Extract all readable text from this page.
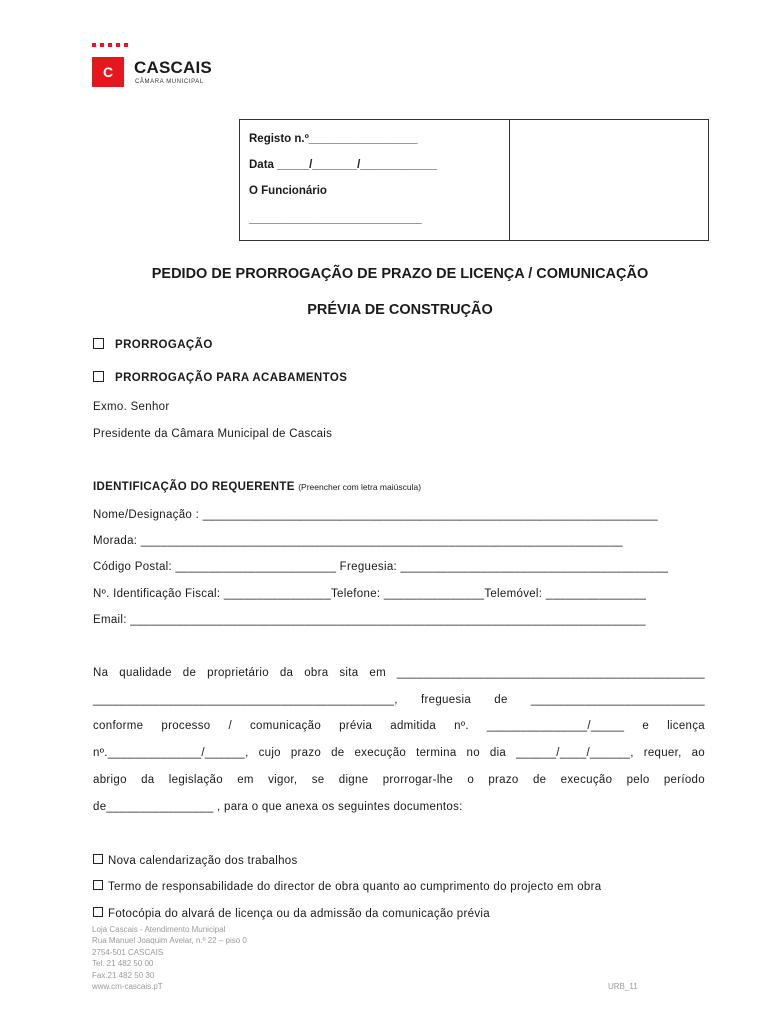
C	CASCAIS
CÂMARA MUNICIPAL
Registo n.º_________________
Data _____/_______/____________
O Funcionário
___________________________
PEDIDO DE PRORROGAÇÃO DE PRAZO DE LICENÇA / COMUNICAÇÃO
PRÉVIA DE CONSTRUÇÃO
PRORROGAÇÃO
PRORROGAÇÃO PARA ACABAMENTOS
Exmo. Senhor
Presidente da Câmara Municipal de Cascais
IDENTIFICAÇÃO DO REQUERENTE (Preencher com letra maiúscula)
Nome/Designação : ____________________________________________________________________
Morada: ________________________________________________________________________
Código Postal: ________________________ Freguesia: ________________________________________
Nº. Identificação Fiscal: ________________Telefone: _______________Telemóvel: _______________
Email: _____________________________________________________________________________
Na qualidade de proprietário da obra sita em ______________________________________________
_____________________________________________, freguesia de __________________________
conforme processo / comunicação prévia admitida nº. _______________/_____ e licença
nº.______________/______, cujo prazo de execução termina no dia ______/____/______, requer, ao
abrigo da legislação em vigor, se digne prorrogar-lhe o prazo de execução pelo período
de________________ , para o que anexa os seguintes documentos:
Nova calendarização dos trabalhos
Termo de responsabilidade do director de obra quanto ao cumprimento do projecto em obra
Fotocópia do alvará de licença ou da admissão da comunicação prévia
Loja Cascais - Atendimento Municipal
Rua Manuel Joaquim Avelar, n.º 22 – piso 0
2754-501 CASCAIS
Tel. 21 482 50 00
Fax.21 482 50 30
www.cm-cascais.pT	URB_11
